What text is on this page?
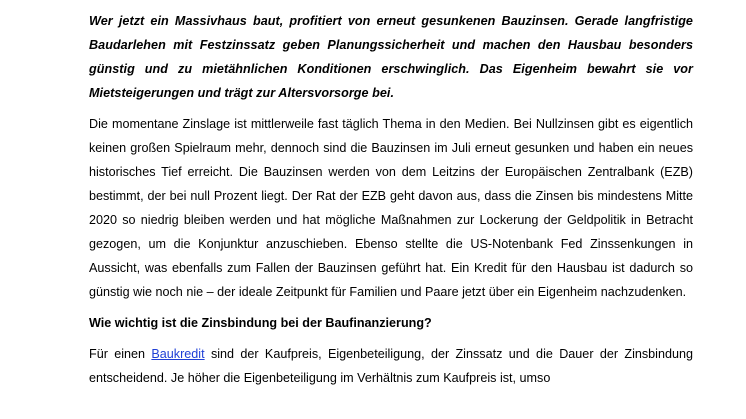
Wer jetzt ein Massivhaus baut, profitiert von erneut gesunkenen Bauzinsen. Gerade langfristige Baudarlehen mit Festzinssatz geben Planungssicherheit und machen den Hausbau besonders günstig und zu mietähnlichen Konditionen erschwinglich. Das Eigenheim bewahrt sie vor Mietsteigerungen und trägt zur Altersvorsorge bei.

Die momentane Zinslage ist mittlerweile fast täglich Thema in den Medien. Bei Nullzinsen gibt es eigentlich keinen großen Spielraum mehr, dennoch sind die Bauzinsen im Juli erneut gesunken und haben ein neues historisches Tief erreicht. Die Bauzinsen werden von dem Leitzins der Europäischen Zentralbank (EZB) bestimmt, der bei null Prozent liegt. Der Rat der EZB geht davon aus, dass die Zinsen bis mindestens Mitte 2020 so niedrig bleiben werden und hat mögliche Maßnahmen zur Lockerung der Geldpolitik in Betracht gezogen, um die Konjunktur anzuschieben. Ebenso stellte die US-Notenbank Fed Zinssenkungen in Aussicht, was ebenfalls zum Fallen der Bauzinsen geführt hat. Ein Kredit für den Hausbau ist dadurch so günstig wie noch nie – der ideale Zeitpunkt für Familien und Paare jetzt über ein Eigenheim nachzudenken.

Wie wichtig ist die Zinsbindung bei der Baufinanzierung?

Für einen Baukredit sind der Kaufpreis, Eigenbeteiligung, der Zinssatz und die Dauer der Zinsbindung entscheidend. Je höher die Eigenbeteiligung im Verhältnis zum Kaufpreis ist, umso
